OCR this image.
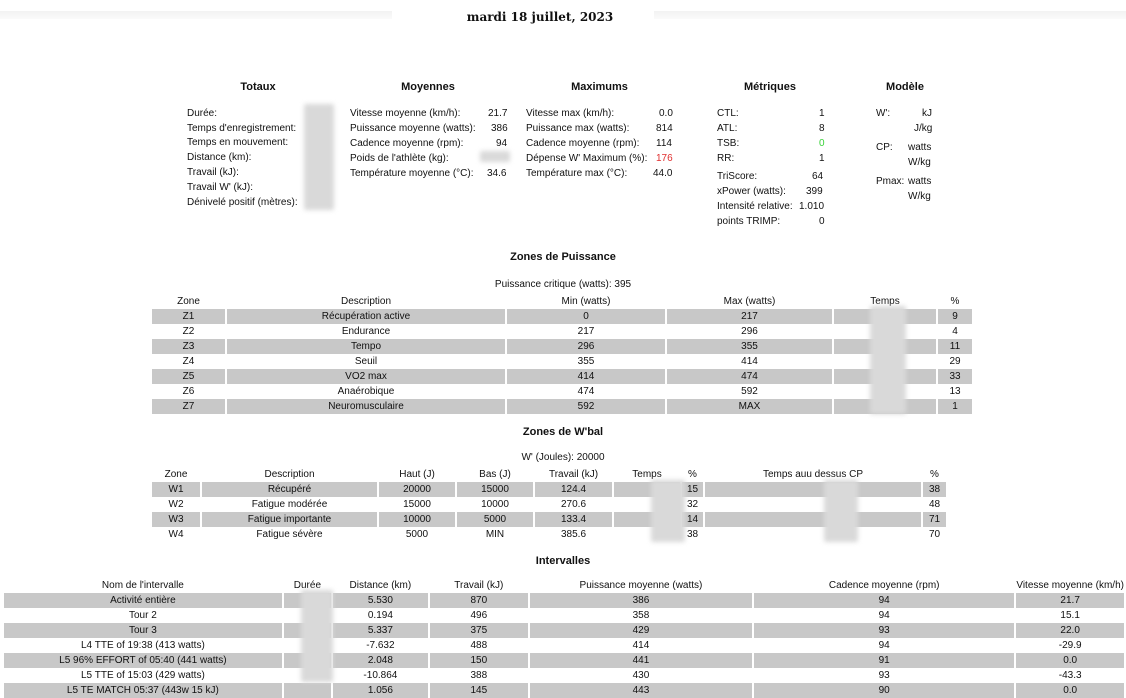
mardi 18 juillet, 2023
Totaux
Durée:
Temps d'enregistrement:
Temps en mouvement:
Distance (km):
Travail (kJ):
Travail W' (kJ):
Dénivelé positif (mètres):
Moyennes
Vitesse moyenne (km/h):	21.7
Puissance moyenne (watts): 386
Cadence moyenne (rpm):	94
Poids de l'athlète (kg):
Température moyenne (°C): 34.6
Maximums
Vitesse max (km/h):	0.0
Puissance max (watts):	814
Cadence moyenne (rpm): 114
Dépense W' Maximum (%): 176
Température max (°C):	44.0
Métriques
CTL:	1
ATL:	8
TSB:	0
RR:	1
TriScore:	64
xPower (watts): 399
Intensité relative: 1.010
points TRIMP:	0
Modèle
W':	kJ
J/kg
CP: watts
W/kg
Pmax: watts
W/kg
Zones de Puissance
Puissance critique (watts): 395
Zone	Description	Min (watts)	Max (watts)	Temps	%
Z1	Récupération active	0	217		9
Z2	Endurance	217	296		4
Z3	Tempo	296	355		11
Z4	Seuil	355	414		29
Z5	VO2 max	414	474		33
Z6	Anaérobique	474	592		13
Z7	Neuromusculaire	592	MAX		1
Zones de W'bal
W' (Joules): 20000
Zone	Description	Haut (J)	Bas (J)	Travail (kJ)	Temps	%	Temps auu dessus CP	%
W1	Récupéré	20000	15000	124.4		15		38
W2	Fatigue modérée	15000	10000	270.6		32		48
W3	Fatigue importante	10000	5000	133.4		14		71
W4	Fatigue sévère	5000	MIN	385.6		38		70
Intervalles
Nom de l'intervalle	Durée	Distance (km)	Travail (kJ)	Puissance moyenne (watts)	Cadence moyenne (rpm)	Vitesse moyenne (km/h)
Activité entière		5.530	870	386	94	21.7
Tour 2		0.194	496	358	94	15.1
Tour 3		5.337	375	429	93	22.0
L4 TTE of 19:38 (413 watts)		-7.632	488	414	94	-29.9
L5 96% EFFORT of 05:40 (441 watts)		2.048	150	441	91	0.0
L5 TTE of 15:03 (429 watts)		-10.864	388	430	93	-43.3
L5 TE MATCH 05:37 (443w 15 kJ)		1.056	145	443	90	0.0
